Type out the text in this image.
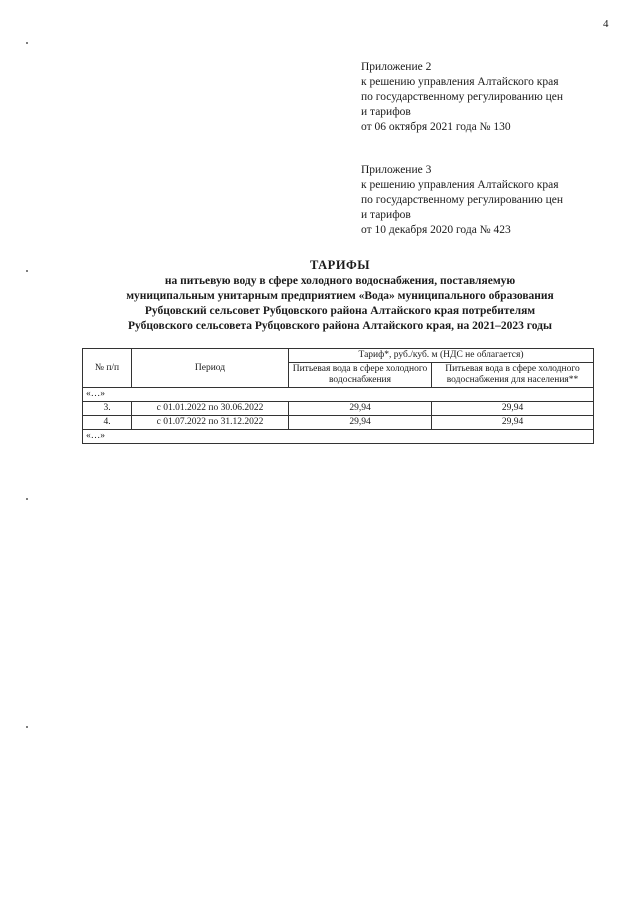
4
Приложение 2
к решению управления Алтайского края
по государственному регулированию цен
и тарифов
от 06 октября 2021 года № 130
Приложение 3
к решению управления Алтайского края
по государственному регулированию цен
и тарифов
от 10 декабря 2020 года № 423
ТАРИФЫ
на питьевую воду в сфере холодного водоснабжения, поставляемую
муниципальным унитарным предприятием «Вода» муниципального образования
Рубцовский сельсовет Рубцовского района Алтайского края потребителям
Рубцовского сельсовета Рубцовского района Алтайского края, на 2021–2023 годы
№ п/п	Период	Тариф*, руб./куб. м (НДС не облагается)	
		Питьевая вода в сфере холодного водоснабжения	Питьевая вода в сфере холодного водоснабжения для населения**
«…»			
3.	с 01.01.2022 по 30.06.2022	29,94	29,94
4.	с 01.07.2022 по 31.12.2022	29,94	29,94
«…»			
